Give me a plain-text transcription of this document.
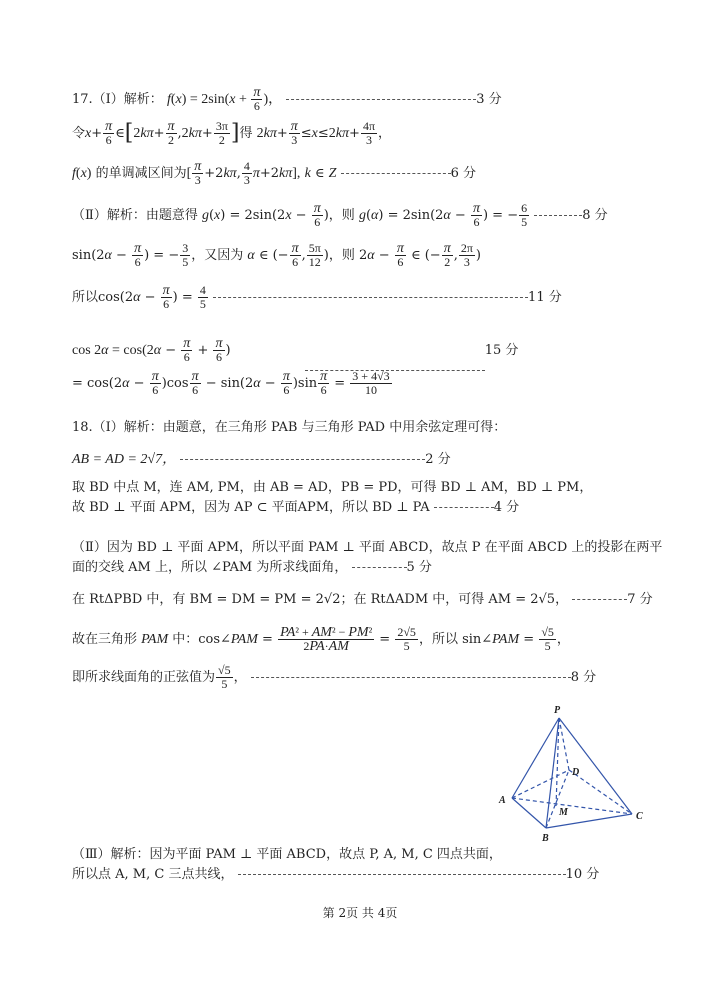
17.（Ⅰ）解析： $f(x) = 2\sin(x + \frac{\pi}{6}$ )，	3 分
令$x+ \frac{\pi}{6}$ ∈[2kπ+ $\frac{\pi}{2} ,2k\pi+ \frac{3\pi}{2}$ ]得 $2k\pi+ \frac{\pi}{3} \le x\le 2k\pi+ \frac{4\pi}{3}$ ，
f(x) 的单调减区间为[ $\frac{\pi}{3} +2k\pi$, $\frac{4}{3} \pi+2k\pi$], k ∈ Z	6 分
（Ⅱ）解析：由题意得 $g(x) = 2\sin(2x - \frac{\pi}{6}$ )，则 $g(\alpha) = 2\sin(2\alpha - \frac{\pi}{6}$ ) = − $\frac{6}{5}$	8 分
$\sin(2\alpha - \frac{\pi}{6}$ ) = − $\frac{3}{5}$ ，又因为 α ∈ (− $\frac{\pi}{6}$ , $\frac{5\pi}{12}$ )，则 $2\alpha - \frac{\pi}{6}$ ∈ (− $\frac{\pi}{2}$ , $\frac{2\pi}{3}$ )
所以$\cos(2\alpha - \frac{\pi}{6}$ ) = $\frac{4}{5}$	11 分
$\cos 2\alpha = \cos(2\alpha - \frac{\pi}{6} + \frac{\pi}{6}$ )	15 分
= $\cos(2\alpha - \frac{\pi}{6} )\cos \frac{\pi}{6} - \sin(2\alpha - \frac{\pi}{6} )\sin \frac{\pi}{6} = \frac{3 + 4√3}{10}$
18.（Ⅰ）解析：由题意，在三角形 PAB 与三角形 PAD 中用余弦定理可得：
AB = AD = 2√7，	2 分
取 BD 中点 M，连 AM, PM，由 AB = AD，PB = PD，可得 BD ⊥ AM，BD ⊥ PM，
故 BD ⊥ 平面 APM，因为 AP ⊂ 平面APM，所以 BD ⊥ PA	4 分
（Ⅱ）因为 BD ⊥ 平面 APM，所以平面 PAM ⊥ 平面 ABCD，故点 P 在平面 ABCD 上的投影在两平
面的交线 AM 上，所以 ∠PAM 为所求线面角，	5 分
在 RtΔPBD 中，有 BM = DM = PM = 2√2；在 RtΔADM 中，可得 AM = 2√5，	7 分
故在三角形 PAM 中：cos∠PAM = $\frac{\text{PA² + AM² − PM²}}{2PA\cdot AM} = \frac{2√5}{5}$ ，所以 sin∠PAM = $\frac{√5}{5}$ ，
即所求线面角的正弦值为 $\frac{√5}{5}$ ，	8 分
P
A
B
C
D
M
（Ⅲ）解析：因为平面 PAM ⊥ 平面 ABCD，故点 P, A, M, C 四点共面，
所以点 A, M, C 三点共线，	10 分
第 2页 共 4页
